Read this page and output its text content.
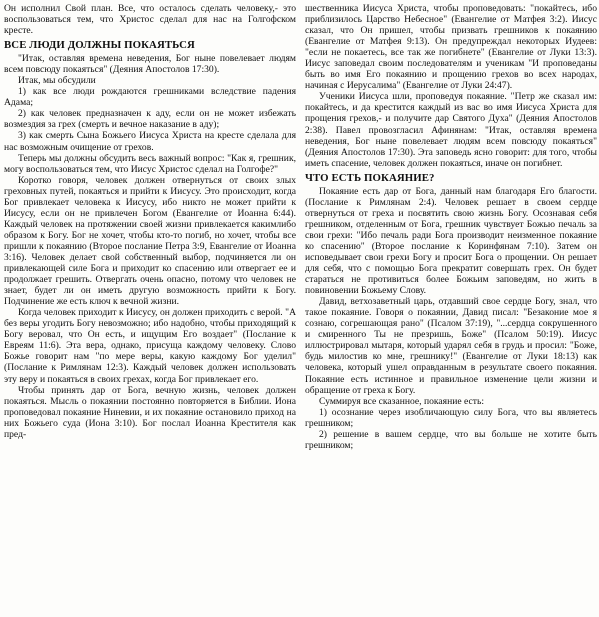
Он исполнил Свой план. Все, что осталось сделать человеку,- это воспользоваться тем, что Христос сделал для нас на Голгофском кресте.

ВСЕ ЛЮДИ ДОЛЖНЫ ПОКАЯТЬСЯ

"Итак, оставляя времена неведения, Бог ныне повелевает людям всем повсюду покаяться" (Деяния Апостолов 17:30).

Итак, мы обсудили

1) как все люди рождаются грешниками вследствие падения Адама;

2) как человек предназначен к аду, если он не может избежать возмездия за грех (смерть и вечное наказание в аду);

3) как смерть Сына Божьего Иисуса Христа на кресте сделала для нас возможным очищение от грехов.

Теперь мы должны обсудить весь важный вопрос: "Как я, грешник, могу воспользоваться тем, что Иисус Христос сделал на Голгофе?"

Коротко говоря, человек должен отвернуться от своих злых греховных путей, покаяться и прийти к Иисусу. Это происходит, когда Бог привлекает человека к Иисусу, ибо никто не может прийти к Иисусу, если он не привлечен Богом (Евангелие от Иоанна 6:44). Каждый человек на протяжении своей жизни привлекается какимлибо образом к Богу. Бог не хочет, чтобы кто-то погиб, но хочет, чтобы все пришли к покаянию (Второе послание Петра 3:9, Евангелие от Иоанна 3:16). Человек делает свой собственный выбор, подчиняется ли он привлекающей силе Бога и приходит ко спасению или отвергает ее и продолжает грешить. Отвергать очень опасно, потому что человек не знает, будет ли он иметь другую возможность прийти к Богу. Подчинение же есть ключ к вечной жизни.

Когда человек приходит к Иисусу, он должен приходить с верой. "А без веры угодить Богу невозможно; ибо надобно, чтобы приходящий к Богу веровал, что Он есть, и ищущим Его воздает" (Послание к Евреям 11:6). Эта вера, однако, присуща каждому человеку. Слово Божье говорит нам "по мере веры, какую каждому Бог уделил" (Послание к Римлянам 12:3). Каждый человек должен использовать эту веру и покаяться в своих грехах, когда Бог привлекает его.

Чтобы принять дар от Бога, вечную жизнь, человек должен покаяться. Мысль о покаянии постоянно повторяется в Библии. Иона проповедовал покаяние Ниневии, и их покаяние остановило приход на них Божьего суда (Иона 3:10). Бог послал Иоанна Крестителя как пред-

шественника Иисуса Христа, чтобы проповедовать: "покайтесь, ибо приблизилось Царство Небесное" (Евангелие от Матфея 3:2). Иисус сказал, что Он пришел, чтобы призвать грешников к покаянию (Евангелие от Матфея 9:13). Он предупреждал некоторых Иудеев: "если не покаетесь, все так же погибнете" (Евангелие от Луки 13:3). Иисус заповедал своим последователям и ученикам "И проповеданы быть во имя Его покаянию и прощению грехов во всех народах, начиная с Иерусалима" (Евангелие от Луки 24:47).

Ученики Иисуса шли, проповедуя покаяние. "Петр же сказал им: покайтесь, и да крестится каждый из вас во имя Иисуса Христа для прощения грехов,- и получите дар Святого Духа" (Деяния Апостолов 2:38). Павел провозгласил Афинянам: "Итак, оставляя времена неведения, Бог ныне повелевает людям всем повсюду покаяться" (Деяния Апостолов 17:30). Эта заповедь ясно говорит: для того, чтобы иметь спасение, человек должен покаяться, иначе он погибнет.

ЧТО ЕСТЬ ПОКАЯНИЕ?

Покаяние есть дар от Бога, данный нам благодаря Его благости. (Послание к Римлянам 2:4). Человек решает в своем сердце отвернуться от греха и посвятить свою жизнь Богу. Осознавая себя грешником, отделенным от Бога, грешник чувствует Божью печаль за свои грехи: "Ибо печаль ради Бога производит неизменное покаяние ко спасению" (Второе послание к Коринфянам 7:10). Затем он исповедывает свои грехи Богу и просит Бога о прощении. Он решает для себя, что с помощью Бога прекратит совершать грех. Он будет стараться не противиться более Божьим заповедям, но жить в повиновении Божьему Слову.

Давид, ветхозаветный царь, отдавший свое сердце Богу, знал, что такое покаяние. Говоря о покаянии, Давид писал: "Безаконие мое я сознаю, согрешающая рано" (Псалом 37:19), "...сердца сокрушенного и смиренного Ты не презришь, Боже" (Псалом 50:19). Иисус иллюстрировал мытаря, который ударял себя в грудь и просил: "Боже, будь милостив ко мне, грешнику!" (Евангелие от Луки 18:13) как человека, который ушел оправданным в результате своего покаяния. Покаяние есть истинное и правильное изменение цели жизни и обращение от греха к Богу.

Суммируя все сказанное, покаяние есть:

1) осознание через изобличающую силу Бога, что вы являетесь грешником;

2) решение в вашем сердце, что вы больше не хотите быть грешником;
